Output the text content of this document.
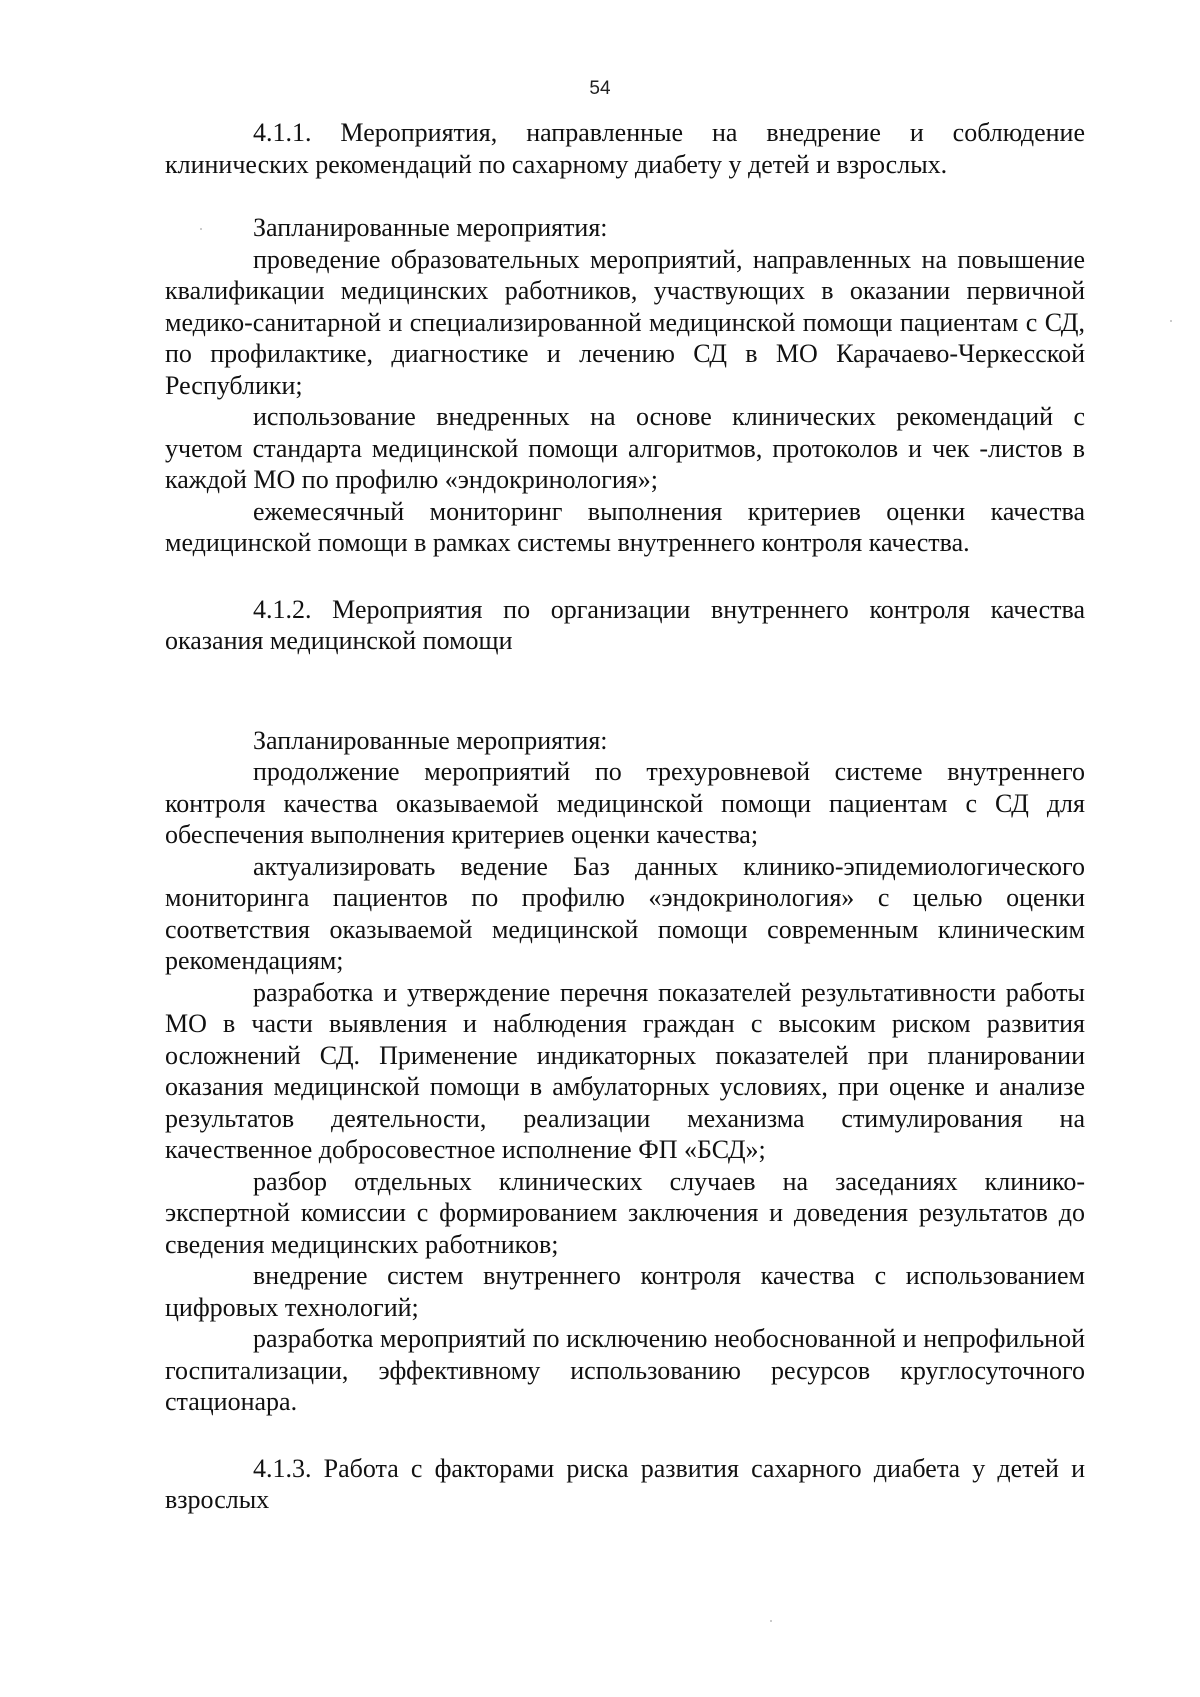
54

4.1.1. Мероприятия, направленные на внедрение и соблюдение клинических рекомендаций по сахарному диабету у детей и взрослых.

Запланированные мероприятия:

проведение образовательных мероприятий, направленных на повышение квалификации медицинских работников, участвующих в оказании первичной медико-санитарной и специализированной медицинской помощи пациентам с СД, по профилактике, диагностике и лечению СД в МО Карачаево-Черкесской Республики;

использование внедренных на основе клинических рекомендаций с учетом стандарта медицинской помощи алгоритмов, протоколов и чек -листов в каждой МО по профилю «эндокринология»;

ежемесячный мониторинг выполнения критериев оценки качества медицинской помощи в рамках системы внутреннего контроля качества.

4.1.2. Мероприятия по организации внутреннего контроля качества оказания медицинской помощи

Запланированные мероприятия:

продолжение мероприятий по трехуровневой системе внутреннего контроля качества оказываемой медицинской помощи пациентам с СД для обеспечения выполнения критериев оценки качества;

актуализировать ведение Баз данных клинико-эпидемиологического мониторинга пациентов по профилю «эндокринология» с целью оценки соответствия оказываемой медицинской помощи современным клиническим рекомендациям;

разработка и утверждение перечня показателей результативности работы МО в части выявления и наблюдения граждан с высоким риском развития осложнений СД. Применение индикаторных показателей при планировании оказания медицинской помощи в амбулаторных условиях, при оценке и анализе результатов деятельности, реализации механизма стимулирования на качественное добросовестное исполнение ФП «БСД»;

разбор отдельных клинических случаев на заседаниях клинико-экспертной комиссии с формированием заключения и доведения результатов до сведения медицинских работников;

внедрение систем внутреннего контроля качества с использованием цифровых технологий;

разработка мероприятий по исключению необоснованной и непрофильной госпитализации, эффективному использованию ресурсов круглосуточного стационара.

4.1.3. Работа с факторами риска развития сахарного диабета у детей и взрослых
